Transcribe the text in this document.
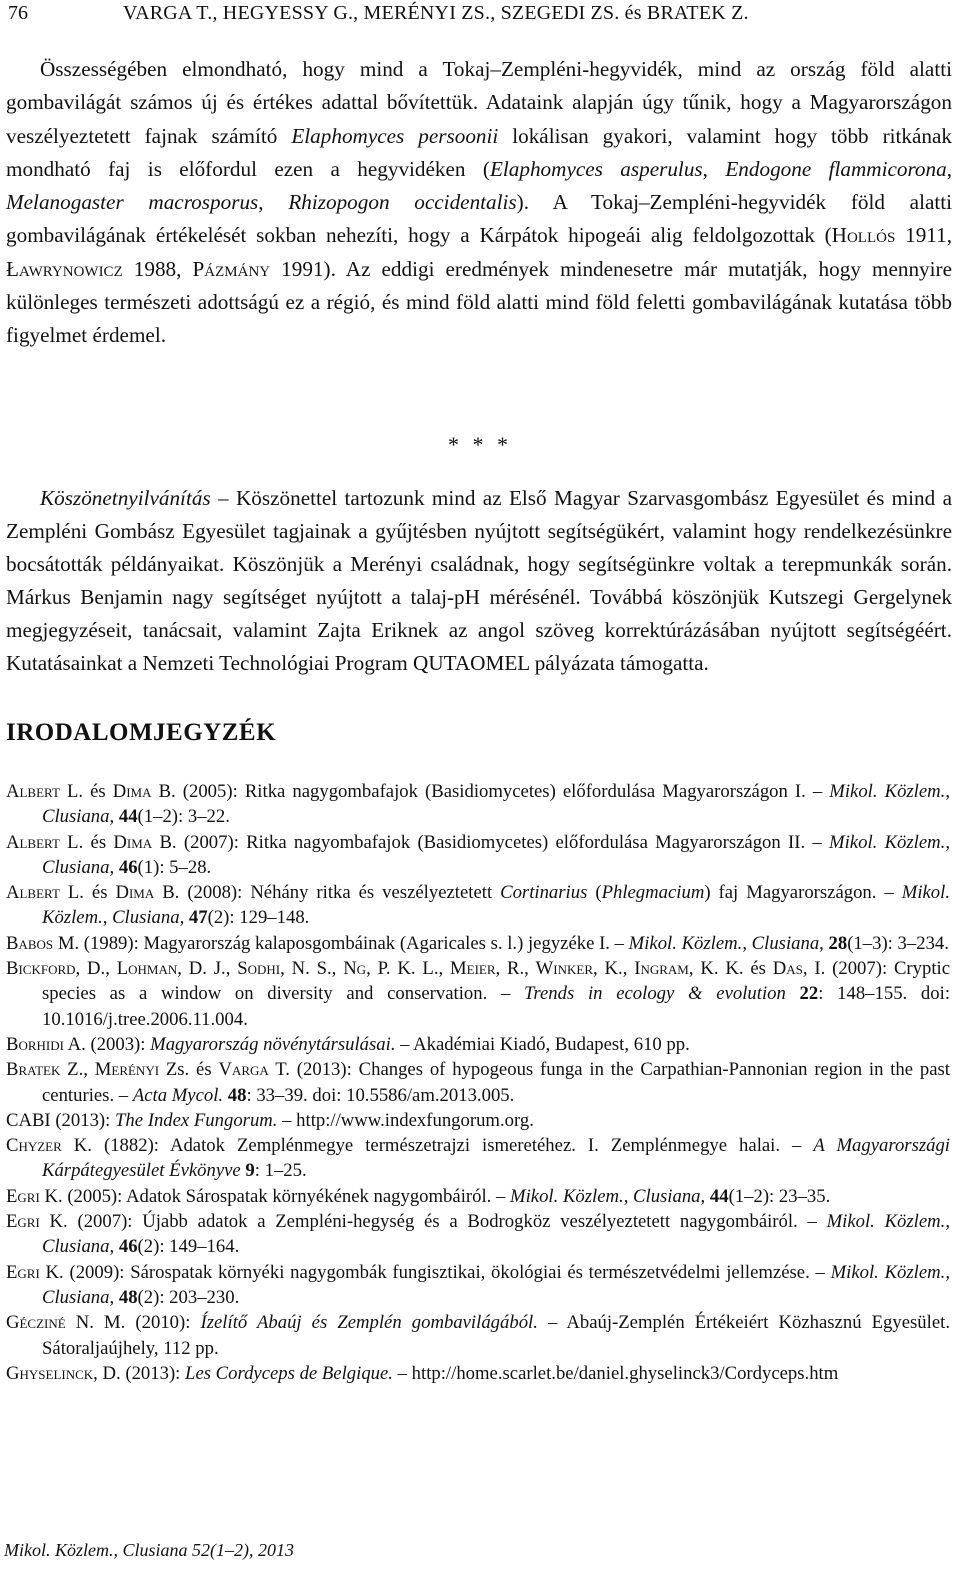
76	VARGA T., HEGYESSY G., MERÉNYI ZS., SZEGEDI ZS. és BRATEK Z.

Összességében elmondható, hogy mind a Tokaj–Zempléni-hegyvidék, mind az ország föld alatti gombavilágát számos új és értékes adattal bővítettük. Adataink alapján úgy tűnik, hogy a Magyarországon veszélyeztetett fajnak számító Elaphomyces persoonii lokálisan gyakori, valamint hogy több ritkának mondható faj is előfordul ezen a hegyvidéken (Elaphomyces asperulus, Endogone flammicorona, Melanogaster macrosporus, Rhizopogon occidentalis). A Tokaj–Zempléni-hegyvidék föld alatti gombavilágának értékelését sokban nehezíti, hogy a Kárpátok hipogeái alig feldolgozottak (Hollós 1911, Ławrynowicz 1988, Pázmány 1991). Az eddigi eredmények mindenesetre már mutatják, hogy mennyire különleges természeti adottságú ez a régió, és mind föld alatti mind föld feletti gombavilágának kutatása több figyelmet érdemel.

* * *

Köszönetnyilvánítás – Köszönettel tartozunk mind az Első Magyar Szarvasgombász Egyesület és mind a Zempléni Gombász Egyesület tagjainak a gyűjtésben nyújtott segítségükért, valamint hogy rendelkezésünkre bocsátották példányaikat. Köszönjük a Merényi családnak, hogy segítségünkre voltak a terepmunkák során. Márkus Benjamin nagy segítséget nyújtott a talaj-pH mérésénél. Továbbá köszönjük Kutszegi Gergelynek megjegyzéseit, tanácsait, valamint Zajta Eriknek az angol szöveg korrektúrázásában nyújtott segítségéért. Kutatásainkat a Nemzeti Technológiai Program QUTAOMEL pályázata támogatta.

IRODALOMJEGYZÉK
Albert L. és Dima B. (2005): Ritka nagygombafajok (Basidiomycetes) előfordulása Magyarországon I. – Mikol. Közlem., Clusiana, 44(1–2): 3–22.
Albert L. és Dima B. (2007): Ritka nagyombafajok (Basidiomycetes) előfordulása Magyarországon II. – Mikol. Közlem., Clusiana, 46(1): 5–28.
Albert L. és Dima B. (2008): Néhány ritka és veszélyeztetett Cortinarius (Phlegmacium) faj Magyarországon. – Mikol. Közlem., Clusiana, 47(2): 129–148.
Babos M. (1989): Magyarország kalaposgombáinak (Agaricales s. l.) jegyzéke I. – Mikol. Közlem., Clusiana, 28(1–3): 3–234.
Bickford, D., Lohman, D. J., Sodhi, N. S., Ng, P. K. L., Meier, R., Winker, K., Ingram, K. K. és Das, I. (2007): Cryptic species as a window on diversity and conservation. – Trends in ecology & evolution 22: 148–155. doi: 10.1016/j.tree.2006.11.004.
Borhidi A. (2003): Magyarország növénytársulásai. – Akadémiai Kiadó, Budapest, 610 pp.
Bratek Z., Merényi Zs. és Varga T. (2013): Changes of hypogeous funga in the Carpathian-Pannonian region in the past centuries. – Acta Mycol. 48: 33–39. doi: 10.5586/am.2013.005.
CABI (2013): The Index Fungorum. – http://www.indexfungorum.org.
Chyzer K. (1882): Adatok Zemplénmegye természetrajzi ismeretéhez. I. Zemplénmegye halai. – A Magyarországi Kárpátegyesület Évkönyve 9: 1–25.
Egri K. (2005): Adatok Sárospatak környékének nagygombáiról. – Mikol. Közlem., Clusiana, 44(1–2): 23–35.
Egri K. (2007): Újabb adatok a Zempléni-hegység és a Bodrogköz veszélyeztetett nagygombáiról. – Mikol. Közlem., Clusiana, 46(2): 149–164.
Egri K. (2009): Sárospatak környéki nagygombák fungisztikai, ökológiai és természetvédelmi jellemzése. – Mikol. Közlem., Clusiana, 48(2): 203–230.
Gécziné N. M. (2010): Ízelítő Abaúj és Zemplén gombavilágából. – Abaúj-Zemplén Értékeiért Közhasznú Egyesület. Sátoraljaújhely, 112 pp.
Ghyselinck, D. (2013): Les Cordyceps de Belgique. – http://home.scarlet.be/daniel.ghyselinck3/Cordyceps.htm
Mikol. Közlem., Clusiana 52(1–2), 2013
